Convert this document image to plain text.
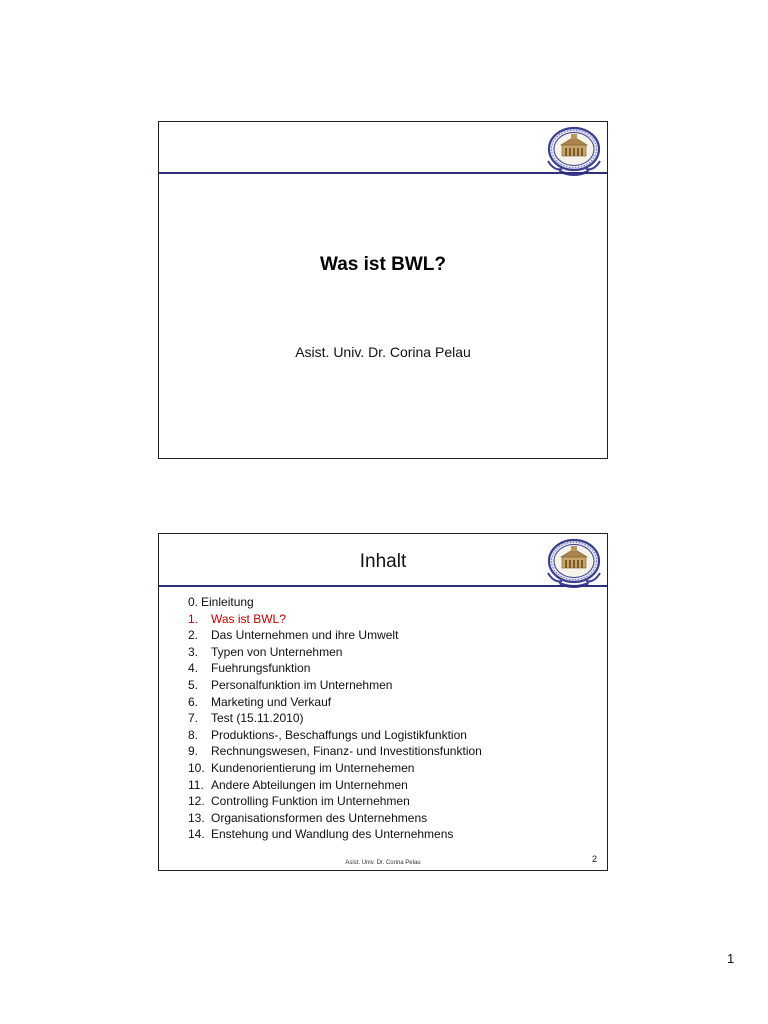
Was ist BWL?
Asist. Univ. Dr. Corina Pelau
Inhalt
0. Einleitung
1. Was ist BWL?
2. Das Unternehmen und ihre Umwelt
3. Typen von Unternehmen
4. Fuehrungsfunktion
5. Personalfunktion im Unternehmen
6. Marketing und Verkauf
7. Test (15.11.2010)
8. Produktions-, Beschaffungs und Logistikfunktion
9. Rechnungswesen, Finanz- und Investitionsfunktion
10. Kundenorientierung im Unternehemen
11. Andere Abteilungen im Unternehmen
12. Controlling Funktion im Unternehmen
13. Organisationsformen des Unternehmens
14. Enstehung und Wandlung des Unternehmens
Asist. Univ. Dr. Corina Pelau	2
1
